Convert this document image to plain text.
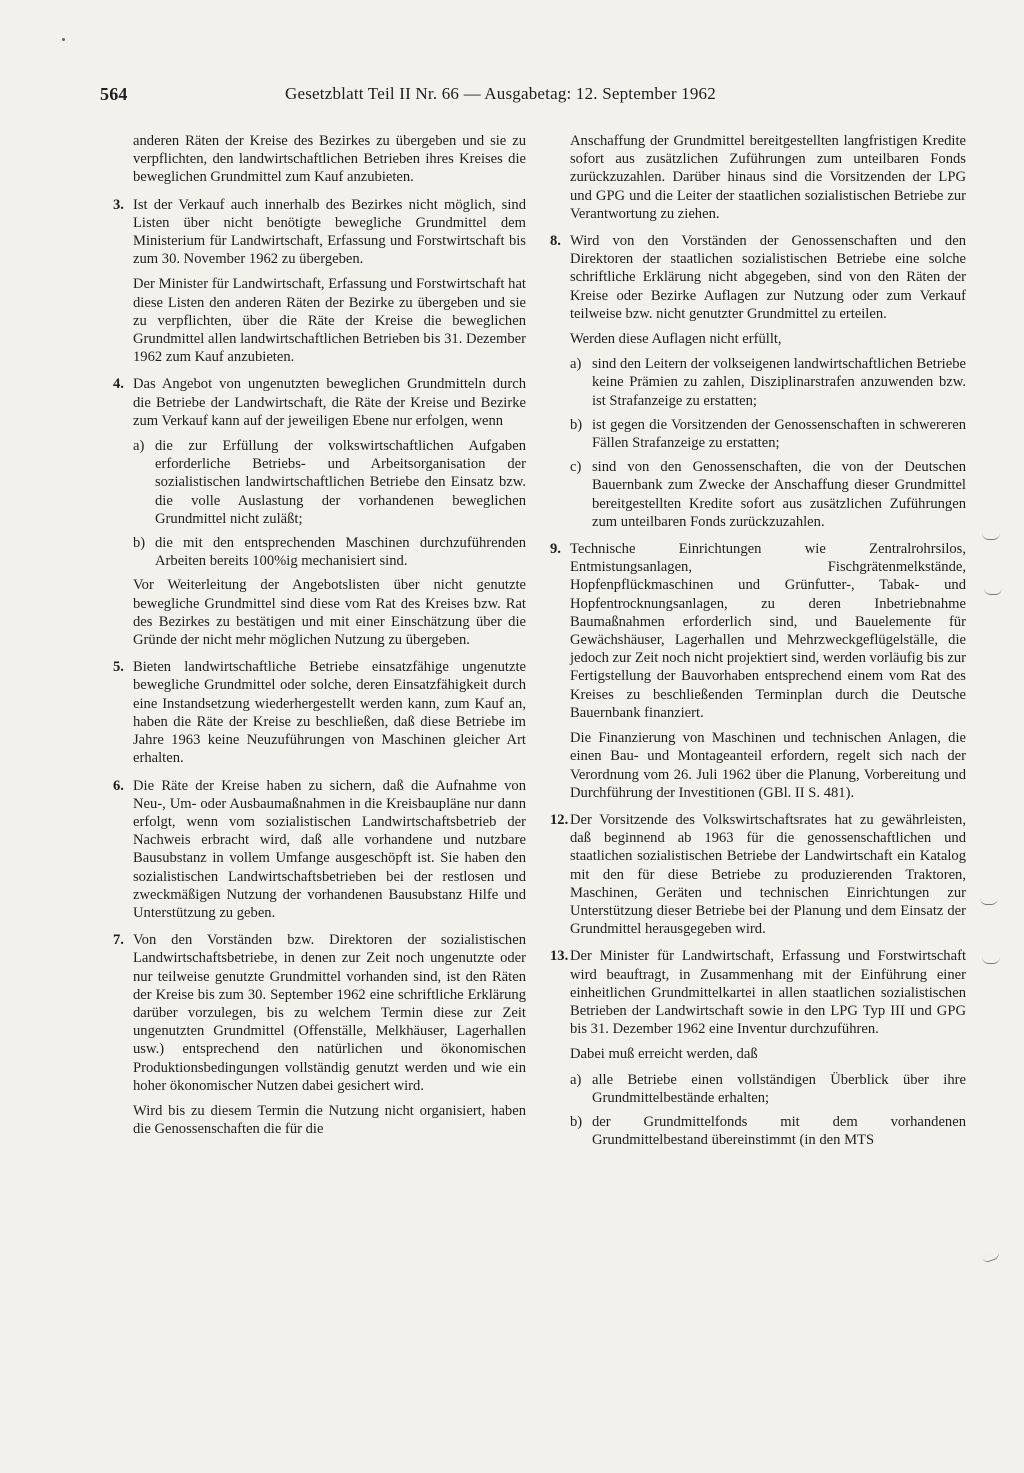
564	Gesetzblatt Teil II Nr. 66 — Ausgabetag: 12. September 1962
anderen Räten der Kreise des Bezirkes zu übergeben und sie zu verpflichten, den landwirtschaftlichen Betrieben ihres Kreises die beweglichen Grundmittel zum Kauf anzubieten.
3. Ist der Verkauf auch innerhalb des Bezirkes nicht möglich, sind Listen über nicht benötigte bewegliche Grundmittel dem Ministerium für Landwirtschaft, Erfassung und Forstwirtschaft bis zum 30. November 1962 zu übergeben.
Der Minister für Landwirtschaft, Erfassung und Forstwirtschaft hat diese Listen den anderen Räten der Bezirke zu übergeben und sie zu verpflichten, über die Räte der Kreise die beweglichen Grundmittel allen landwirtschaftlichen Betrieben bis 31. Dezember 1962 zum Kauf anzubieten.
4. Das Angebot von ungenutzten beweglichen Grundmitteln durch die Betriebe der Landwirtschaft, die Räte der Kreise und Bezirke zum Verkauf kann auf der jeweiligen Ebene nur erfolgen, wenn
a) die zur Erfüllung der volkswirtschaftlichen Aufgaben erforderliche Betriebs- und Arbeitsorganisation der sozialistischen landwirtschaftlichen Betriebe den Einsatz bzw. die volle Auslastung der vorhandenen beweglichen Grundmittel nicht zuläßt;
b) die mit den entsprechenden Maschinen durchzuführenden Arbeiten bereits 100%ig mechanisiert sind.
Vor Weiterleitung der Angebotslisten über nicht genutzte bewegliche Grundmittel sind diese vom Rat des Kreises bzw. Rat des Bezirkes zu bestätigen und mit einer Einschätzung über die Gründe der nicht mehr möglichen Nutzung zu übergeben.
5. Bieten landwirtschaftliche Betriebe einsatzfähige ungenutzte bewegliche Grundmittel oder solche, deren Einsatzfähigkeit durch eine Instandsetzung wiederhergestellt werden kann, zum Kauf an, haben die Räte der Kreise zu beschließen, daß diese Betriebe im Jahre 1963 keine Neuzuführungen von Maschinen gleicher Art erhalten.
6. Die Räte der Kreise haben zu sichern, daß die Aufnahme von Neu-, Um- oder Ausbaumaßnahmen in die Kreisbaupläne nur dann erfolgt, wenn vom sozialistischen Landwirtschaftsbetrieb der Nachweis erbracht wird, daß alle vorhandene und nutzbare Bausubstanz in vollem Umfange ausgeschöpft ist. Sie haben den sozialistischen Landwirtschaftsbetrieben bei der restlosen und zweckmäßigen Nutzung der vorhandenen Bausubstanz Hilfe und Unterstützung zu geben.
7. Von den Vorständen bzw. Direktoren der sozialistischen Landwirtschaftsbetriebe, in denen zur Zeit noch ungenutzte oder nur teilweise genutzte Grundmittel vorhanden sind, ist den Räten der Kreise bis zum 30. September 1962 eine schriftliche Erklärung darüber vorzulegen, bis zu welchem Termin diese zur Zeit ungenutzten Grundmittel (Offenställe, Melkhäuser, Lagerhallen usw.) entsprechend den natürlichen und ökonomischen Produktionsbedingungen vollständig genutzt werden und wie ein hoher ökonomischer Nutzen dabei gesichert wird.
Wird bis zu diesem Termin die Nutzung nicht organisiert, haben die Genossenschaften die für die
Anschaffung der Grundmittel bereitgestellten langfristigen Kredite sofort aus zusätzlichen Zuführungen zum unteilbaren Fonds zurückzuzahlen. Darüber hinaus sind die Vorsitzenden der LPG und GPG und die Leiter der staatlichen sozialistischen Betriebe zur Verantwortung zu ziehen.
8. Wird von den Vorständen der Genossenschaften und den Direktoren der staatlichen sozialistischen Betriebe eine solche schriftliche Erklärung nicht abgegeben, sind von den Räten der Kreise oder Bezirke Auflagen zur Nutzung oder zum Verkauf teilweise bzw. nicht genutzter Grundmittel zu erteilen.
Werden diese Auflagen nicht erfüllt,
a) sind den Leitern der volkseigenen landwirtschaftlichen Betriebe keine Prämien zu zahlen, Disziplinarstrafen anzuwenden bzw. ist Strafanzeige zu erstatten;
b) ist gegen die Vorsitzenden der Genossenschaften in schwereren Fällen Strafanzeige zu erstatten;
c) sind von den Genossenschaften, die von der Deutschen Bauernbank zum Zwecke der Anschaffung dieser Grundmittel bereitgestellten Kredite sofort aus zusätzlichen Zuführungen zum unteilbaren Fonds zurückzuzahlen.
9. Technische Einrichtungen wie Zentralrohrsilos, Entmistungsanlagen, Fischgrätenmelkstände, Hopfenpflückmaschinen und Grünfutter-, Tabak- und Hopfentrocknungsanlagen, zu deren Inbetriebnahme Baumaßnahmen erforderlich sind, und Bauelemente für Gewächshäuser, Lagerhallen und Mehrzweckgeflügelställe, die jedoch zur Zeit noch nicht projektiert sind, werden vorläufig bis zur Fertigstellung der Bauvorhaben entsprechend einem vom Rat des Kreises zu beschließenden Terminplan durch die Deutsche Bauernbank finanziert.
Die Finanzierung von Maschinen und technischen Anlagen, die einen Bau- und Montageanteil erfordern, regelt sich nach der Verordnung vom 26. Juli 1962 über die Planung, Vorbereitung und Durchführung der Investitionen (GBl. II S. 481).
12. Der Vorsitzende des Volkswirtschaftsrates hat zu gewährleisten, daß beginnend ab 1963 für die genossenschaftlichen und staatlichen sozialistischen Betriebe der Landwirtschaft ein Katalog mit den für diese Betriebe zu produzierenden Traktoren, Maschinen, Geräten und technischen Einrichtungen zur Unterstützung dieser Betriebe bei der Planung und dem Einsatz der Grundmittel herausgegeben wird.
13. Der Minister für Landwirtschaft, Erfassung und Forstwirtschaft wird beauftragt, in Zusammenhang mit der Einführung einer einheitlichen Grundmittelkartei in allen staatlichen sozialistischen Betrieben der Landwirtschaft sowie in den LPG Typ III und GPG bis 31. Dezember 1962 eine Inventur durchzuführen.
Dabei muß erreicht werden, daß
a) alle Betriebe einen vollständigen Überblick über ihre Grundmittelbestände erhalten;
b) der Grundmittelfonds mit dem vorhandenen Grundmittelbestand übereinstimmt (in den MTS
